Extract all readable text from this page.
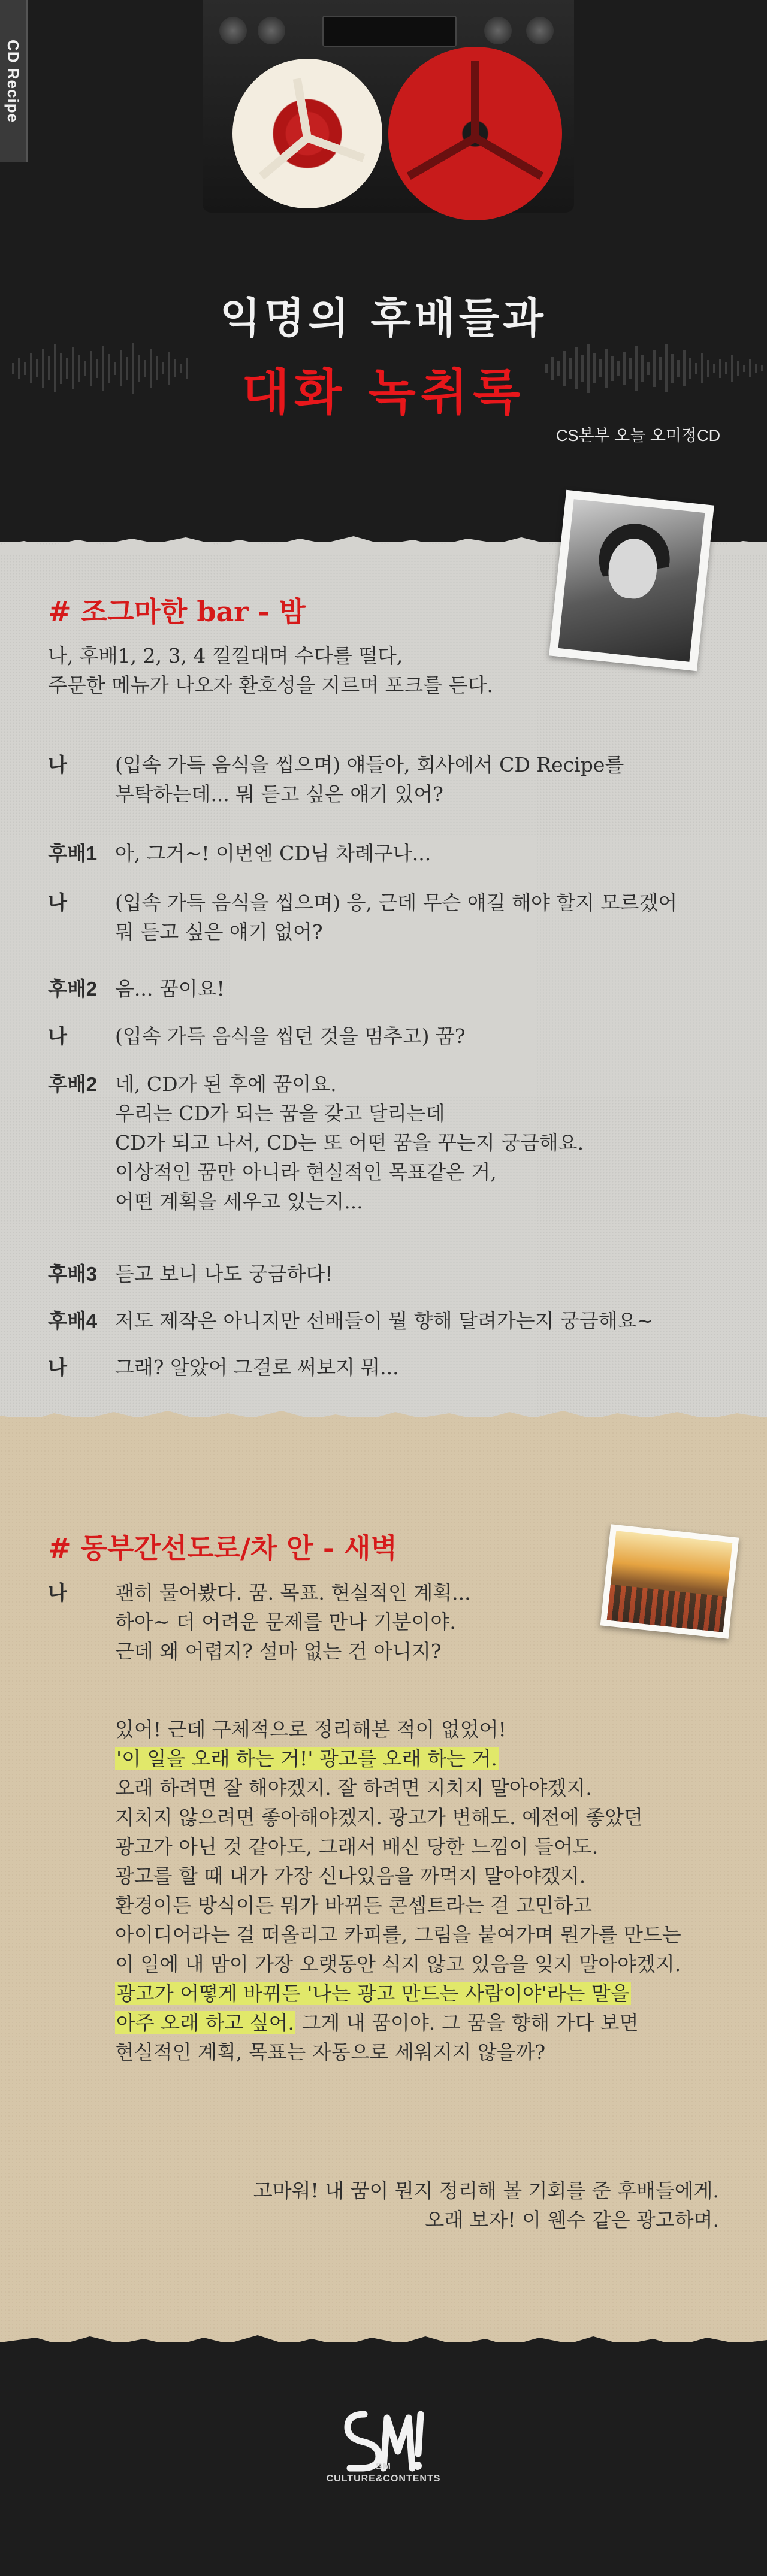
CD Recipe
익명의 후배들과
대화 녹취록
CS본부 오늘 오미정CD
# 조그마한 bar - 밤
나, 후배1, 2, 3, 4 낄낄대며 수다를 떨다,
주문한 메뉴가 나오자 환호성을 지르며 포크를 든다.
나	(입속 가득 음식을 씹으며) 얘들아, 회사에서 CD Recipe를
부탁하는데... 뭐 듣고 싶은 얘기 있어?
후배1 아, 그거~! 이번엔 CD님 차례구나...
나	(입속 가득 음식을 씹으며) 응, 근데 무슨 얘길 해야 할지 모르겠어
뭐 듣고 싶은 얘기 없어?
후배2 음... 꿈이요!
나	(입속 가득 음식을 씹던 것을 멈추고) 꿈?
후배2 네, CD가 된 후에 꿈이요.
우리는 CD가 되는 꿈을 갖고 달리는데
CD가 되고 나서, CD는 또 어떤 꿈을 꾸는지 궁금해요.
이상적인 꿈만 아니라 현실적인 목표같은 거,
어떤 계획을 세우고 있는지...
후배3 듣고 보니 나도 궁금하다!
후배4 저도 제작은 아니지만 선배들이 뭘 향해 달려가는지 궁금해요~
나	그래? 알았어 그걸로 써보지 뭐...
# 동부간선도로/차 안 - 새벽
나	괜히 물어봤다. 꿈. 목표. 현실적인 계획...
하아~ 더 어려운 문제를 만나 기분이야.
근데 왜 어렵지? 설마 없는 건 아니지?
있어! 근데 구체적으로 정리해본 적이 없었어!
'이 일을 오래 하는 거!' 광고를 오래 하는 거.
오래 하려면 잘 해야겠지. 잘 하려면 지치지 말아야겠지.
지치지 않으려면 좋아해야겠지. 광고가 변해도. 예전에 좋았던
광고가 아닌 것 같아도, 그래서 배신 당한 느낌이 들어도.
광고를 할 때 내가 가장 신나있음을 까먹지 말아야겠지.
환경이든 방식이든 뭐가 바뀌든 콘셉트라는 걸 고민하고
아이디어라는 걸 떠올리고 카피를, 그림을 붙여가며 뭔가를 만드는
이 일에 내 맘이 가장 오랫동안 식지 않고 있음을 잊지 말아야겠지.
광고가 어떻게 바뀌든 '나는 광고 만드는 사람이야'라는 말을
아주 오래 하고 싶어. 그게 내 꿈이야. 그 꿈을 향해 가다 보면
현실적인 계획, 목표는 자동으로 세워지지 않을까?
고마워! 내 꿈이 뭔지 정리해 볼 기회를 준 후배들에게.
오래 보자! 이 웬수 같은 광고하며.
SM
CULTURE&CONTENTS
